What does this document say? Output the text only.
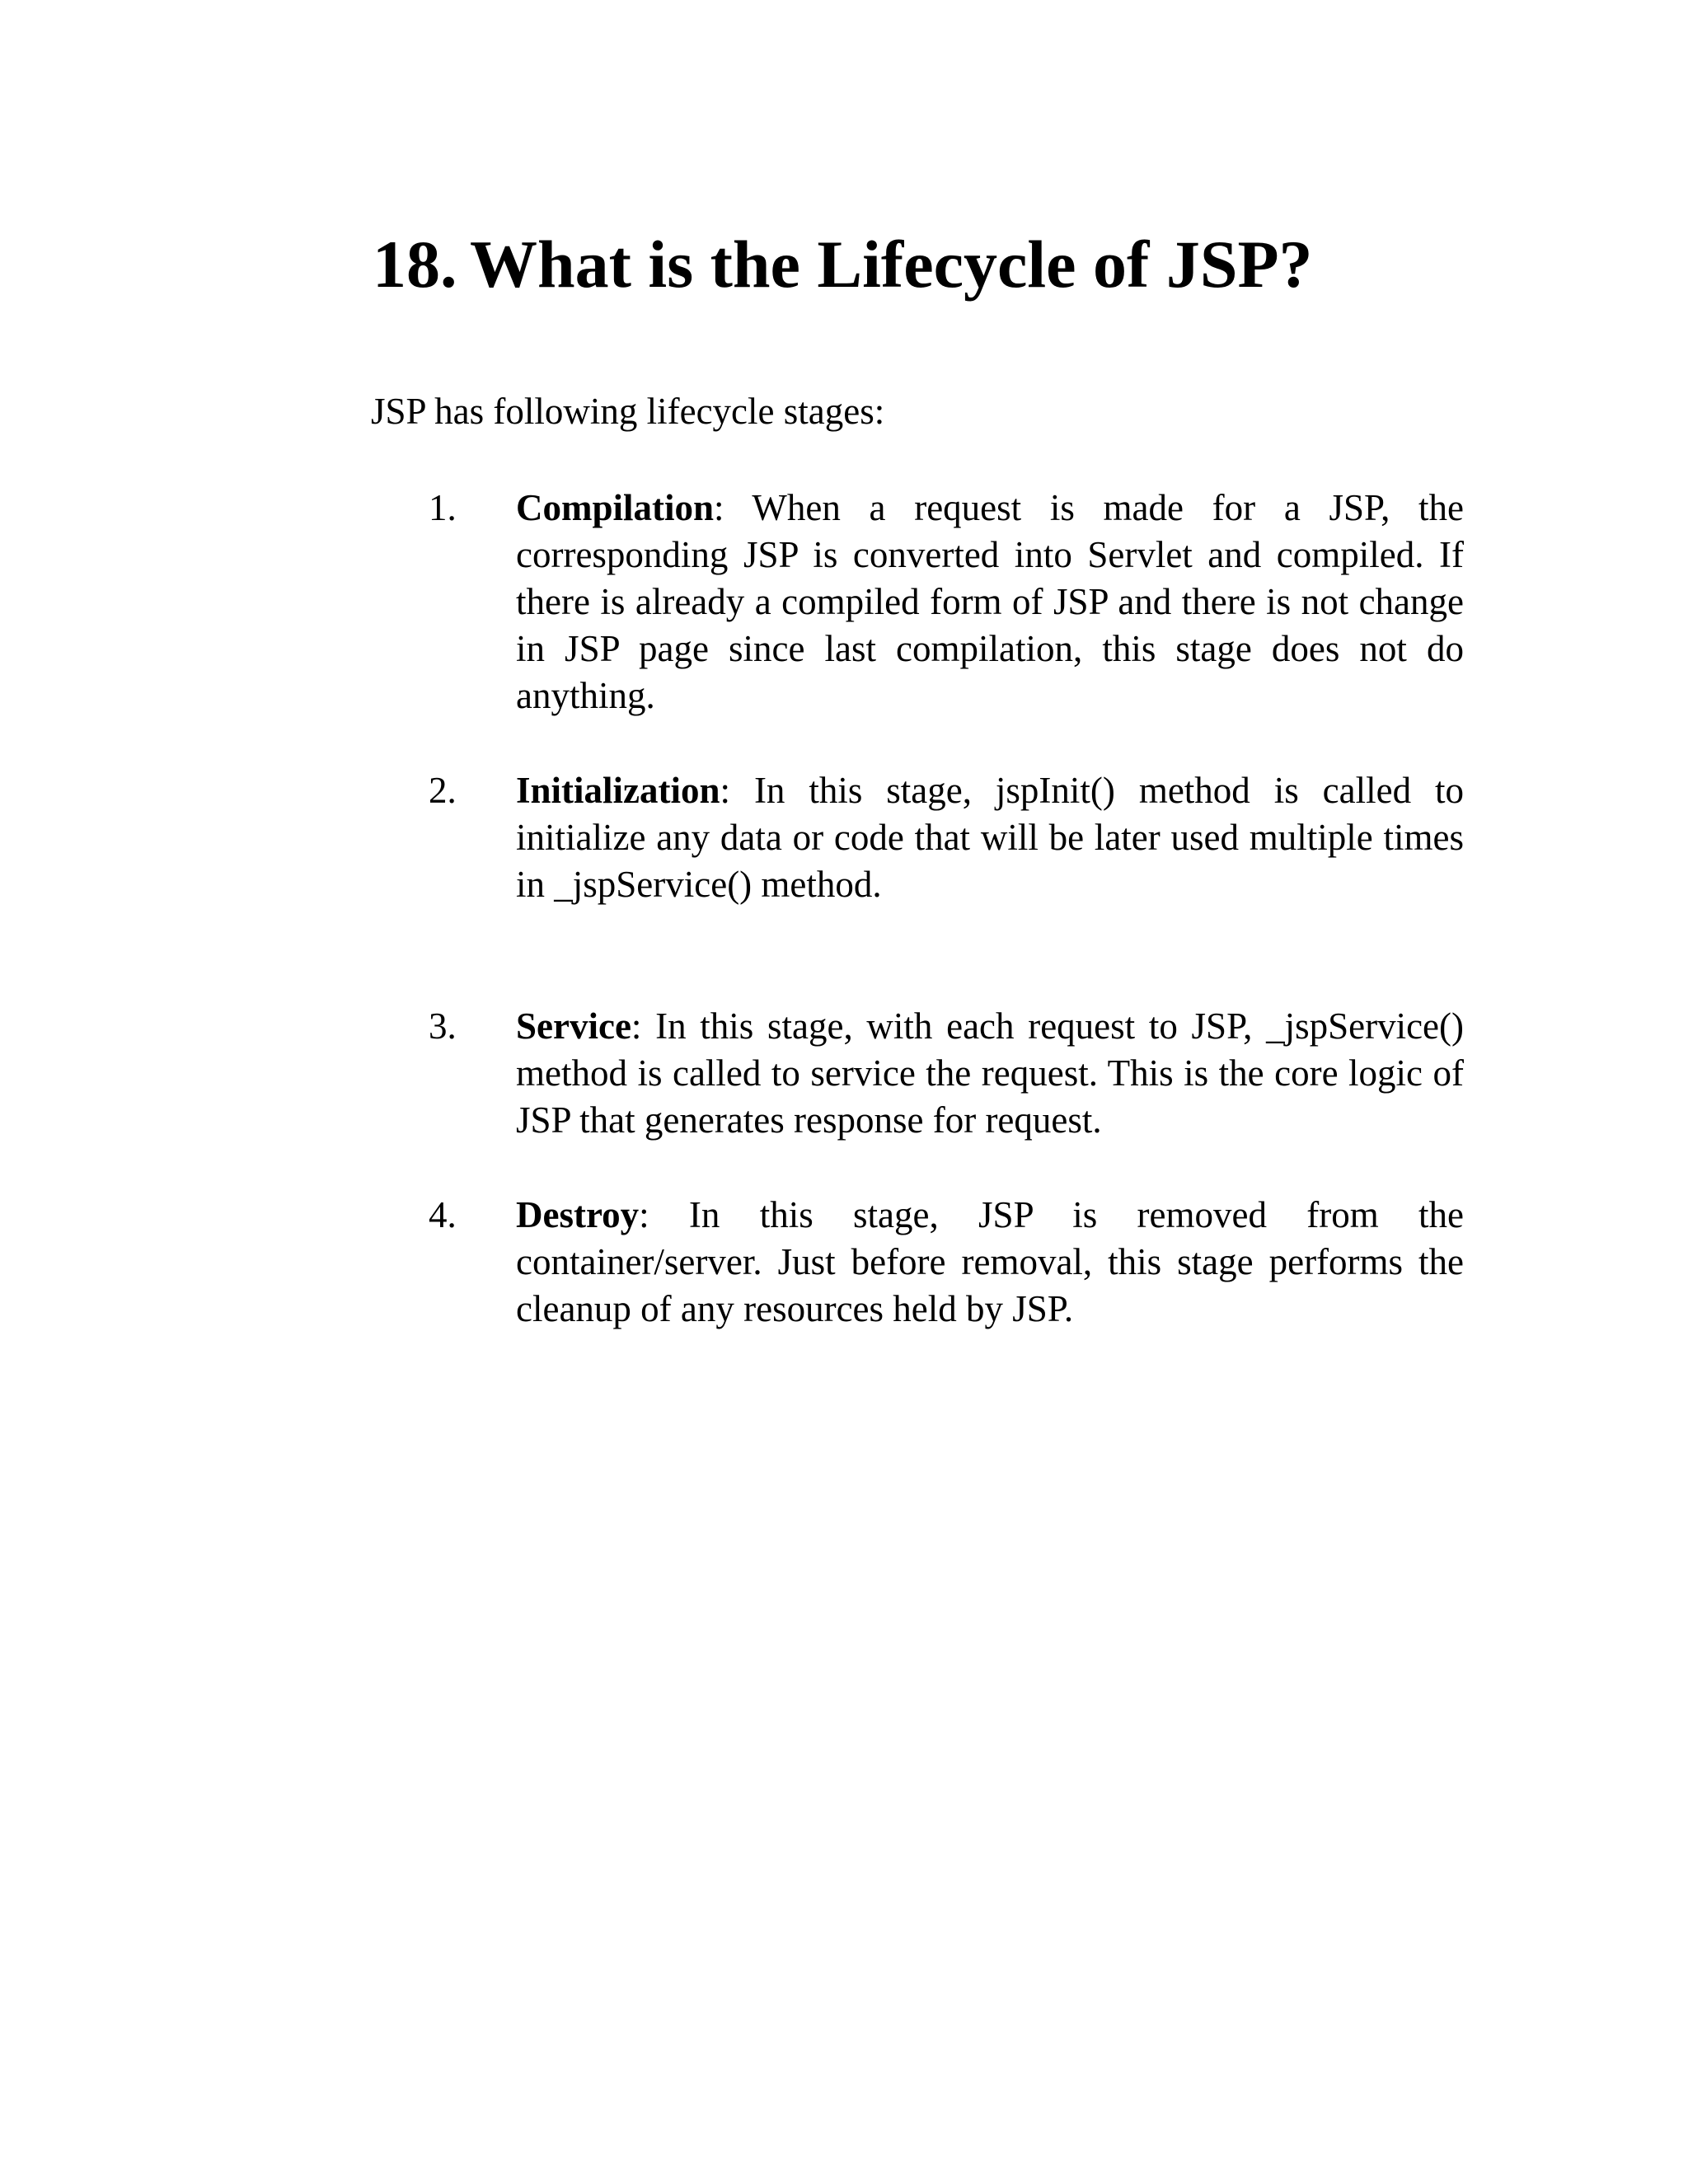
18. What is the Lifecycle of JSP?

JSP has following lifecycle stages:

1. Compilation: When a request is made for a JSP, the corresponding JSP is converted into Servlet and compiled. If there is already a compiled form of JSP and there is not change in JSP page since last compilation, this stage does not do anything.

2. Initialization: In this stage, jspInit() method is called to initialize any data or code that will be later used multiple times in _jspService() method.

3. Service: In this stage, with each request to JSP, _jspService() method is called to service the request. This is the core logic of JSP that generates response for request.

4. Destroy: In this stage, JSP is removed from the container/server. Just before removal, this stage performs the cleanup of any resources held by JSP.
